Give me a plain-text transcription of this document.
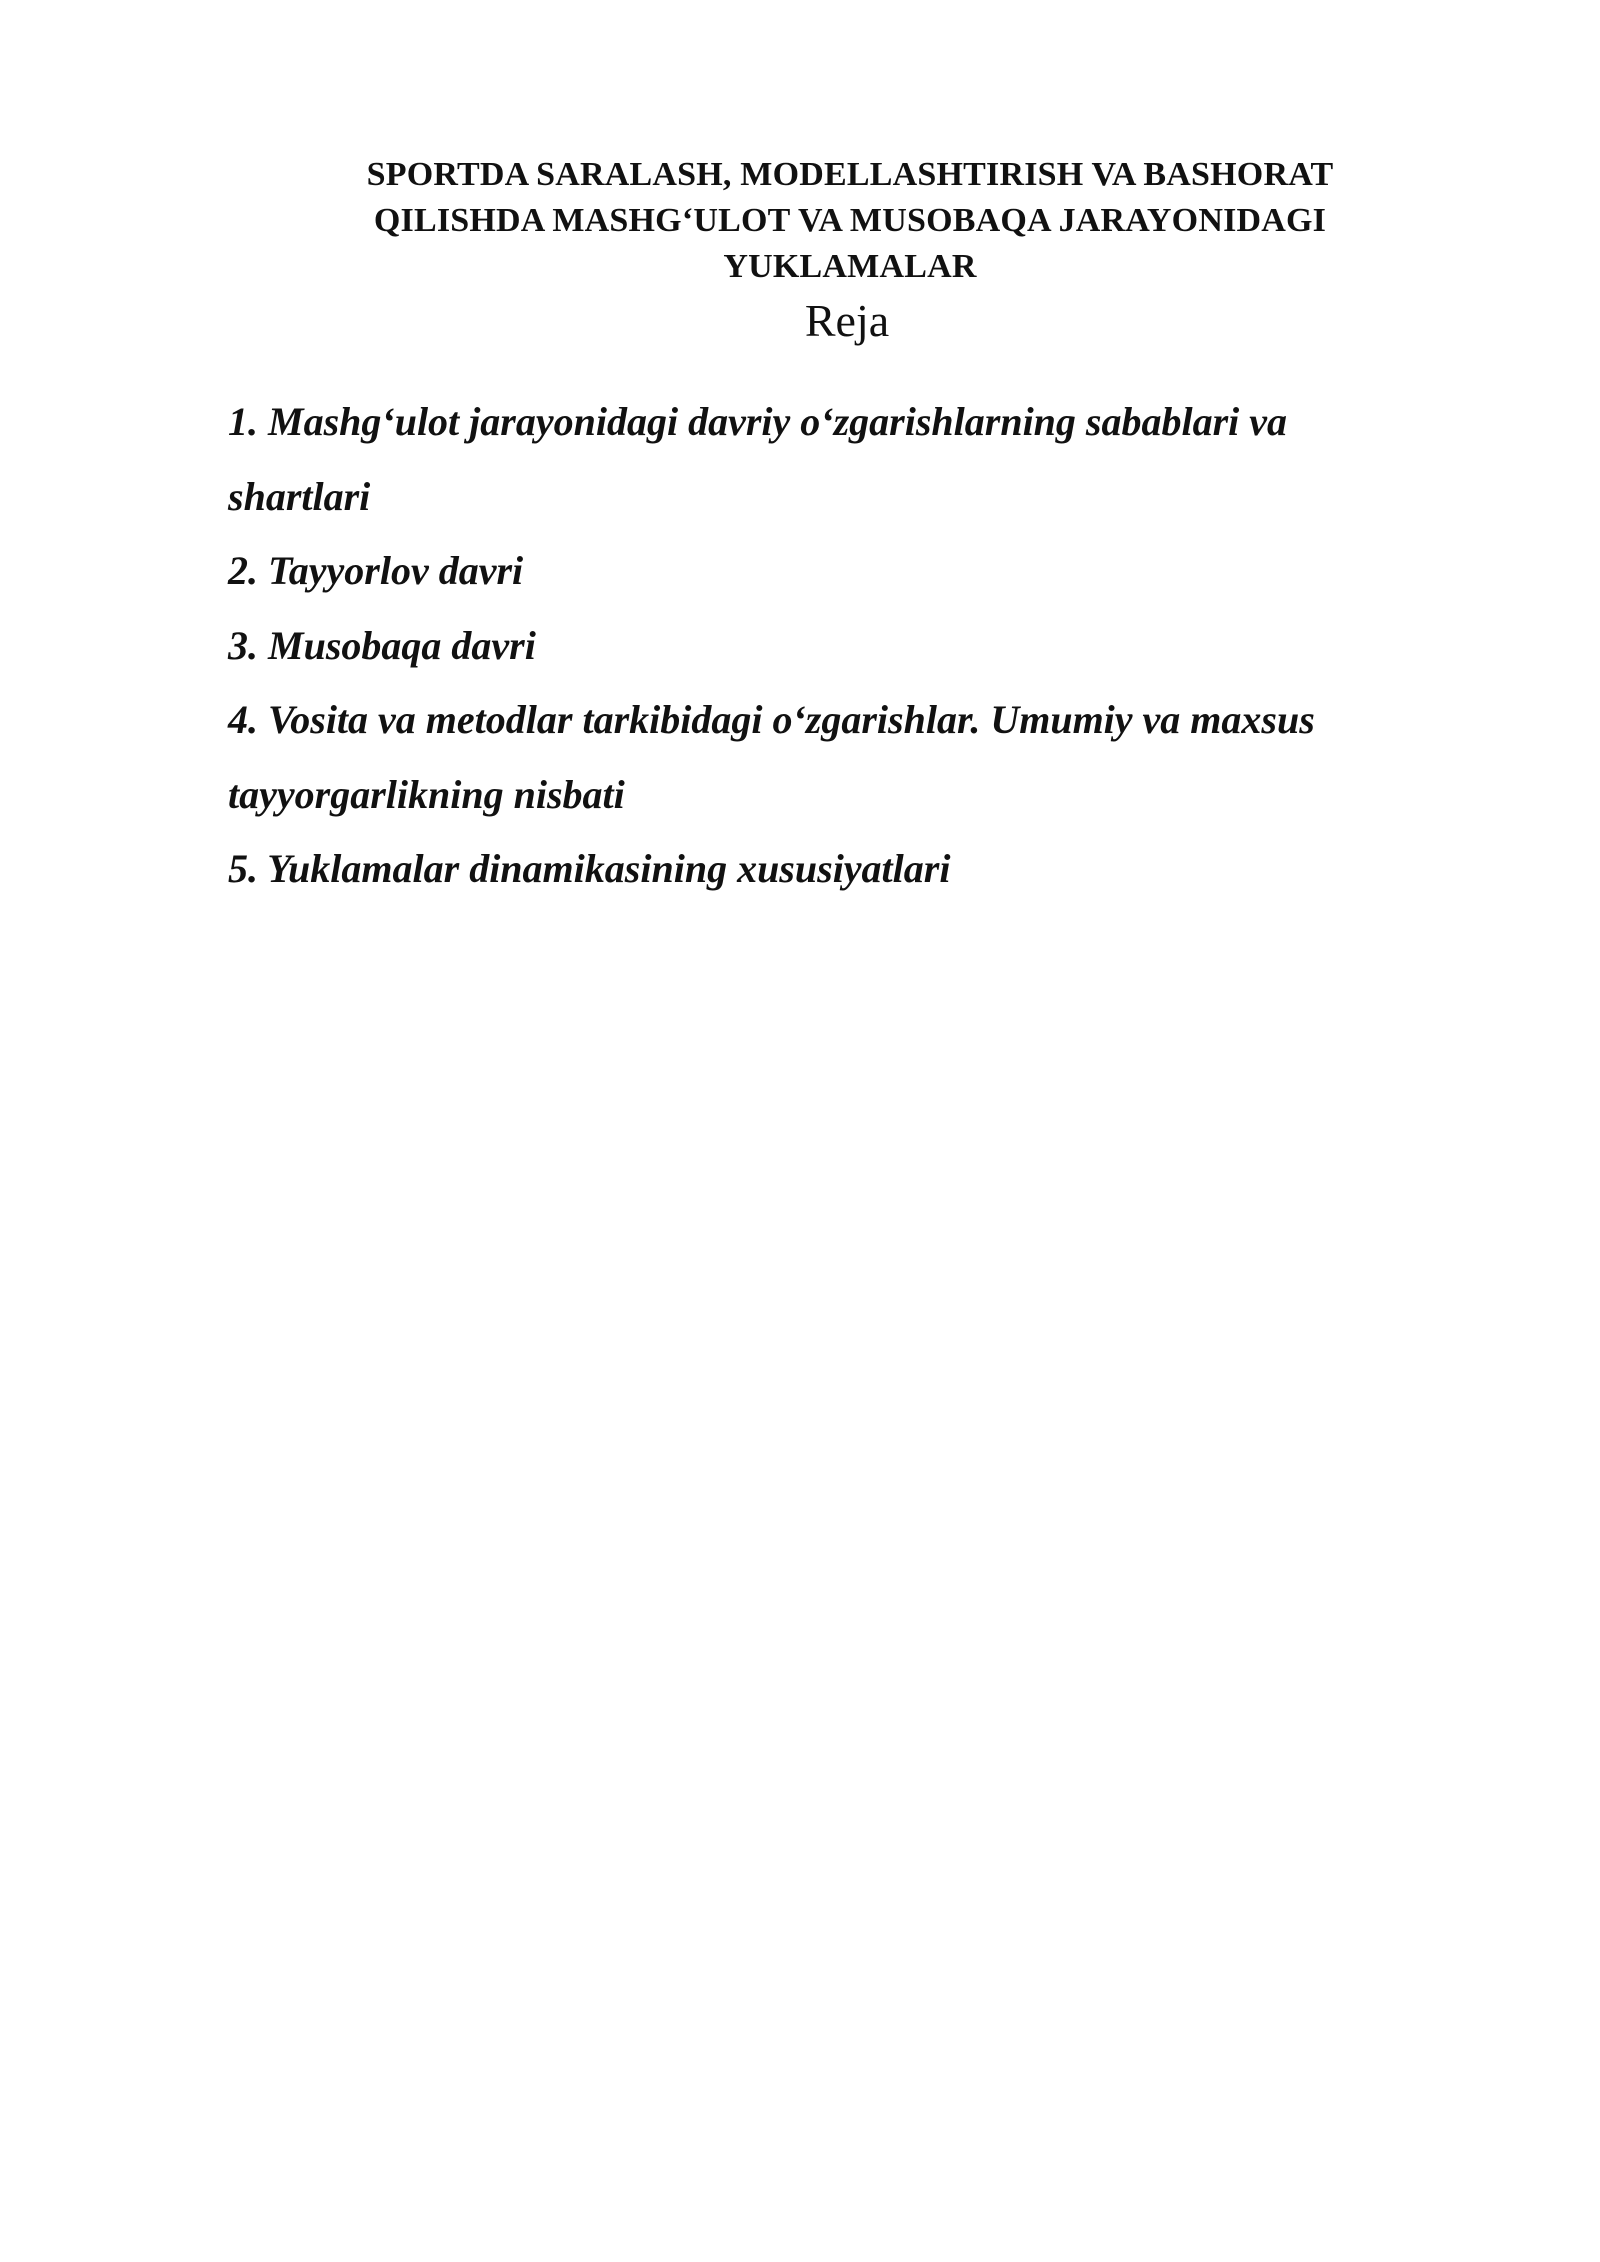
SPORTDA SARALASH, MODELLASHTIRISH VA BASHORAT
QILISHDA MASHG‘ULOT VA MUSOBAQA JARAYONIDAGI
YUKLAMALAR
Reja
1. Mashg‘ulot jarayonidagi davriy o‘zgarishlarning sabablari va shartlari
2. Tayyorlov davri
3. Musobaqa davri
4. Vosita va metodlar tarkibidagi o‘zgarishlar. Umumiy va maxsus tayyorgarlikning nisbati
5. Yuklamalar dinamikasining xususiyatlari
